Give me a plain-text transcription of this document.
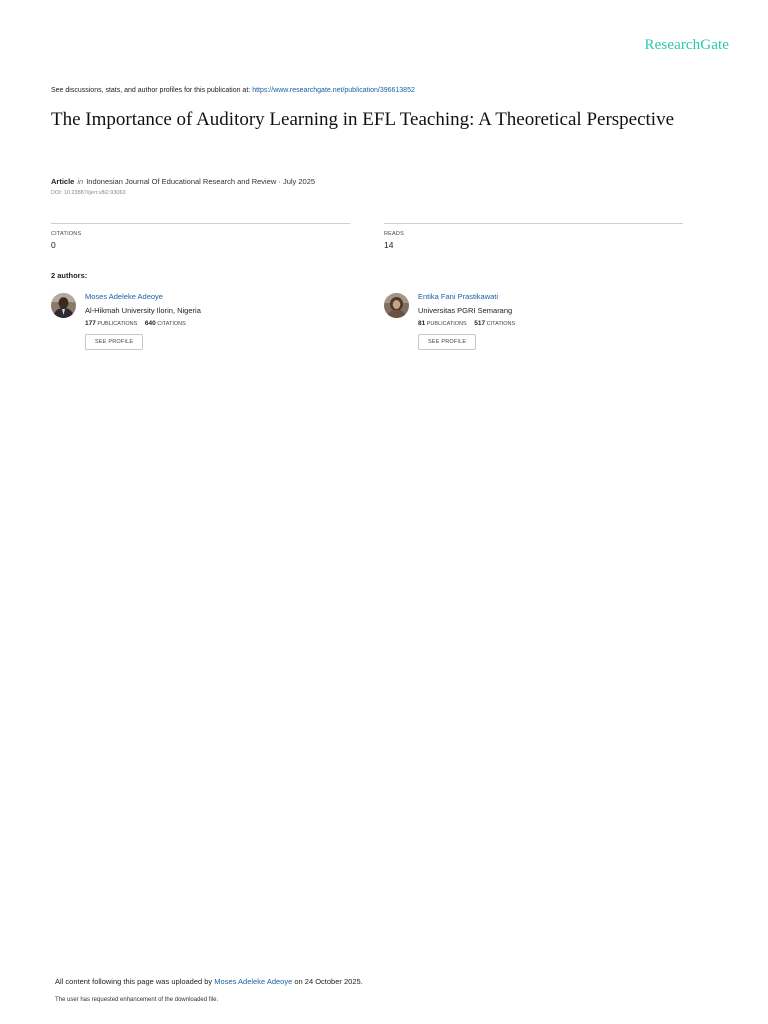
ResearchGate
See discussions, stats, and author profiles for this publication at: https://www.researchgate.net/publication/396613852
The Importance of Auditory Learning in EFL Teaching: A Theoretical Perspective
Article in Indonesian Journal Of Educational Research and Review · July 2025
DOI: 10.23887/ijerr.v8i2.93063
CITATIONS
0
READS
14
2 authors:
Moses Adeleke Adeoye
Al-Hikmah University Ilorin, Nigeria
177 PUBLICATIONS 640 CITATIONS
SEE PROFILE
Entika Fani Prastikawati
Universitas PGRI Semarang
81 PUBLICATIONS 517 CITATIONS
SEE PROFILE
All content following this page was uploaded by Moses Adeleke Adeoye on 24 October 2025.
The user has requested enhancement of the downloaded file.
